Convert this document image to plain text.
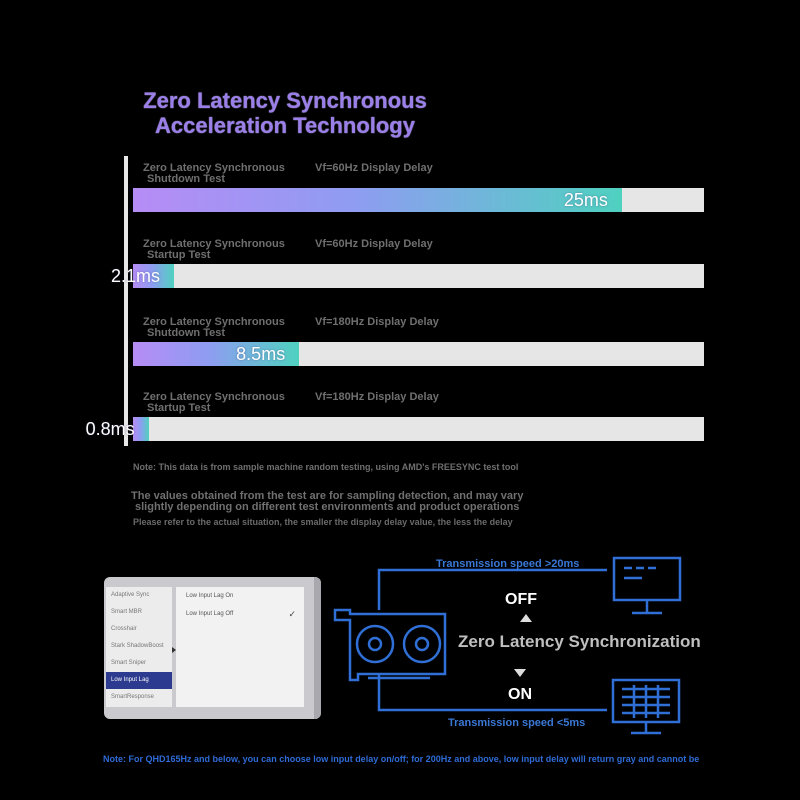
Zero Latency Synchronous
Acceleration Technology
Zero Latency Synchronous
Shutdown Test
Vf=60Hz Display Delay
25ms
Zero Latency Synchronous
Startup Test
Vf=60Hz Display Delay
2.1ms
Zero Latency Synchronous
Shutdown Test
Vf=180Hz Display Delay
8.5ms
Zero Latency Synchronous
Startup Test
Vf=180Hz Display Delay
0.8ms
Note: This data is from sample machine random testing, using AMD's FREESYNC test tool
The values obtained from the test are for sampling detection, and may vary
slightly depending on different test environments and product operations
Please refer to the actual situation, the smaller the display delay value, the less the delay
Adaptive Sync
Smart MBR
Crosshair
Stark ShadowBoost
Smart Sniper
Low Input Lag
SmartResponse
Low Input Lag On
Low Input Lag Off	✓
Transmission speed >20ms
OFF
Zero Latency Synchronization
ON
Transmission speed <5ms
Note: For QHD165Hz and below, you can choose low input delay on/off; for 200Hz and above, low input delay will return gray and cannot be
